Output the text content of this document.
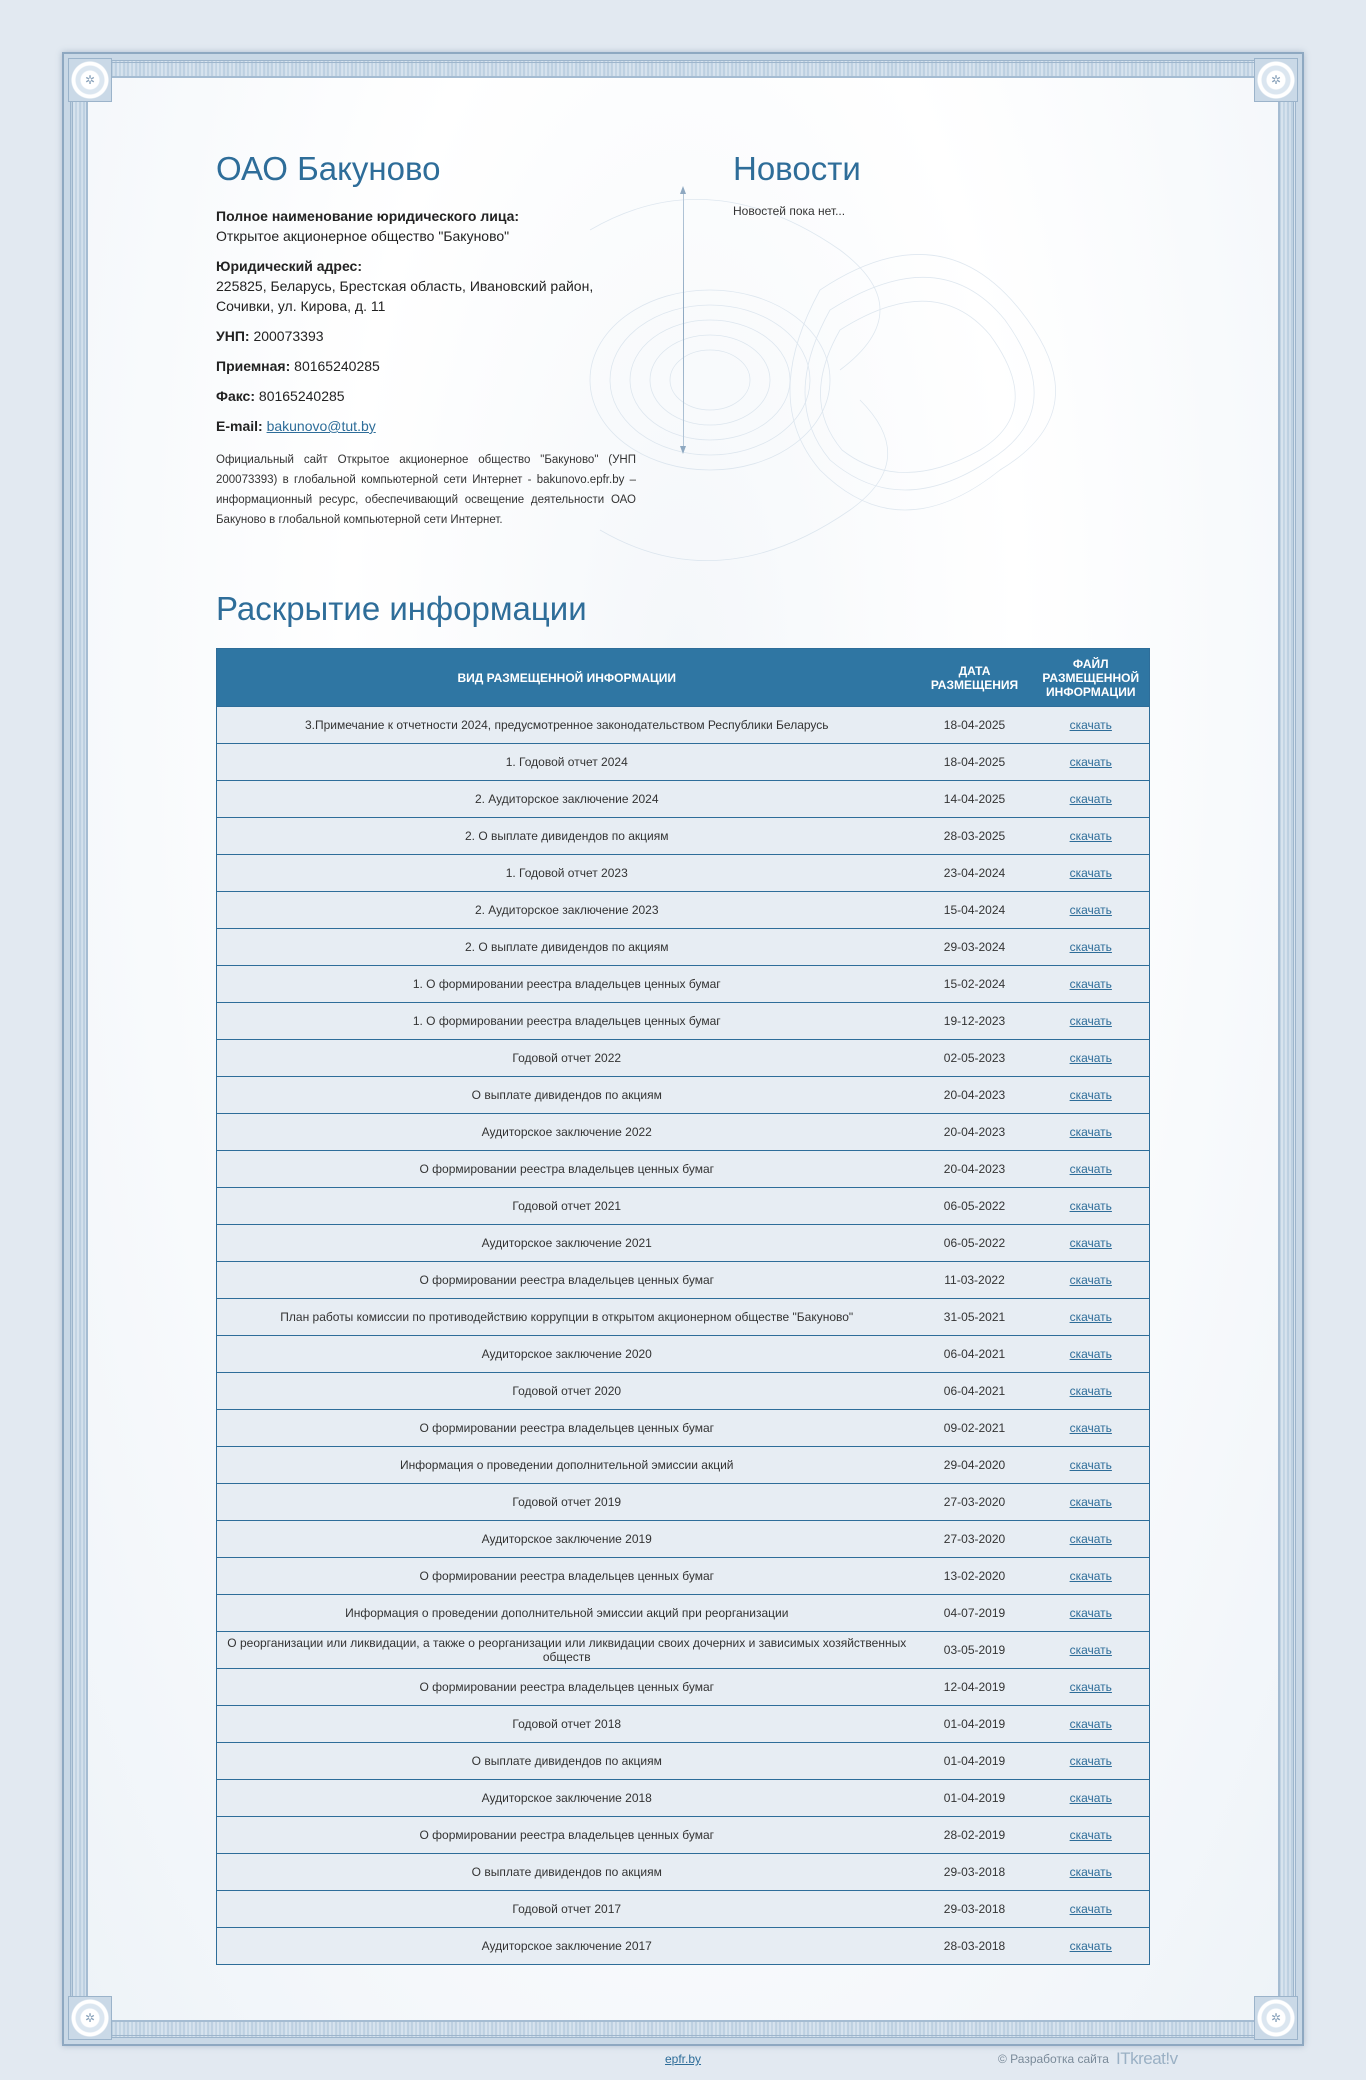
✲	✲
✲	✲
ОАО Бакуново
Полное наименование юридического лица:
Открытое акционерное общество "Бакуново"
Юридический адрес:
225825, Беларусь, Брестская область, Ивановский район,
Сочивки, ул. Кирова, д. 11
УНП: 200073393
Приемная: 80165240285
Факс: 80165240285
E-mail: bakunovo@tut.by

Официальный сайт Открытое акционерное общество "Бакуново" (УНП 200073393) в глобальной компьютерной сети Интернет - bakunovo.epfr.by – информационный ресурс, обеспечивающий освещение деятельности ОАО Бакуново в глобальной компьютерной сети Интернет.

Новости

Новостей пока нет...

Раскрытие информации
ВИД РАЗМЕЩЕННОЙ ИНФОРМАЦИИ	ДАТА РАЗМЕЩЕНИЯ	ФАЙЛ РАЗМЕЩЕННОЙ ИНФОРМАЦИИ
3.Примечание к отчетности 2024, предусмотренное законодательством Республики Беларусь	18-04-2025	скачать
1. Годовой отчет 2024	18-04-2025	скачать
2. Аудиторское заключение 2024	14-04-2025	скачать
2. О выплате дивидендов по акциям	28-03-2025	скачать
1. Годовой отчет 2023	23-04-2024	скачать
2. Аудиторское заключение 2023	15-04-2024	скачать
2. О выплате дивидендов по акциям	29-03-2024	скачать
1. О формировании реестра владельцев ценных бумаг	15-02-2024	скачать
1. О формировании реестра владельцев ценных бумаг	19-12-2023	скачать
Годовой отчет 2022	02-05-2023	скачать
О выплате дивидендов по акциям	20-04-2023	скачать
Аудиторское заключение 2022	20-04-2023	скачать
О формировании реестра владельцев ценных бумаг	20-04-2023	скачать
Годовой отчет 2021	06-05-2022	скачать
Аудиторское заключение 2021	06-05-2022	скачать
О формировании реестра владельцев ценных бумаг	11-03-2022	скачать
План работы комиссии по противодействию коррупции в открытом акционерном обществе "Бакуново"	31-05-2021	скачать
Аудиторское заключение 2020	06-04-2021	скачать
Годовой отчет 2020	06-04-2021	скачать
О формировании реестра владельцев ценных бумаг	09-02-2021	скачать
Информация о проведении дополнительной эмиссии акций	29-04-2020	скачать
Годовой отчет 2019	27-03-2020	скачать
Аудиторское заключение 2019	27-03-2020	скачать
О формировании реестра владельцев ценных бумаг	13-02-2020	скачать
Информация о проведении дополнительной эмиссии акций при реорганизации	04-07-2019	скачать
О реорганизации или ликвидации, а также о реорганизации или ликвидации своих дочерних и зависимых хозяйственных обществ	03-05-2019	скачать
О формировании реестра владельцев ценных бумаг	12-04-2019	скачать
Годовой отчет 2018	01-04-2019	скачать
О выплате дивидендов по акциям	01-04-2019	скачать
Аудиторское заключение 2018	01-04-2019	скачать
О формировании реестра владельцев ценных бумаг	28-02-2019	скачать
О выплате дивидендов по акциям	29-03-2018	скачать
Годовой отчет 2017	29-03-2018	скачать
Аудиторское заключение 2017	28-03-2018	скачать
epfr.by	© Разработка сайта ITkreat!v
